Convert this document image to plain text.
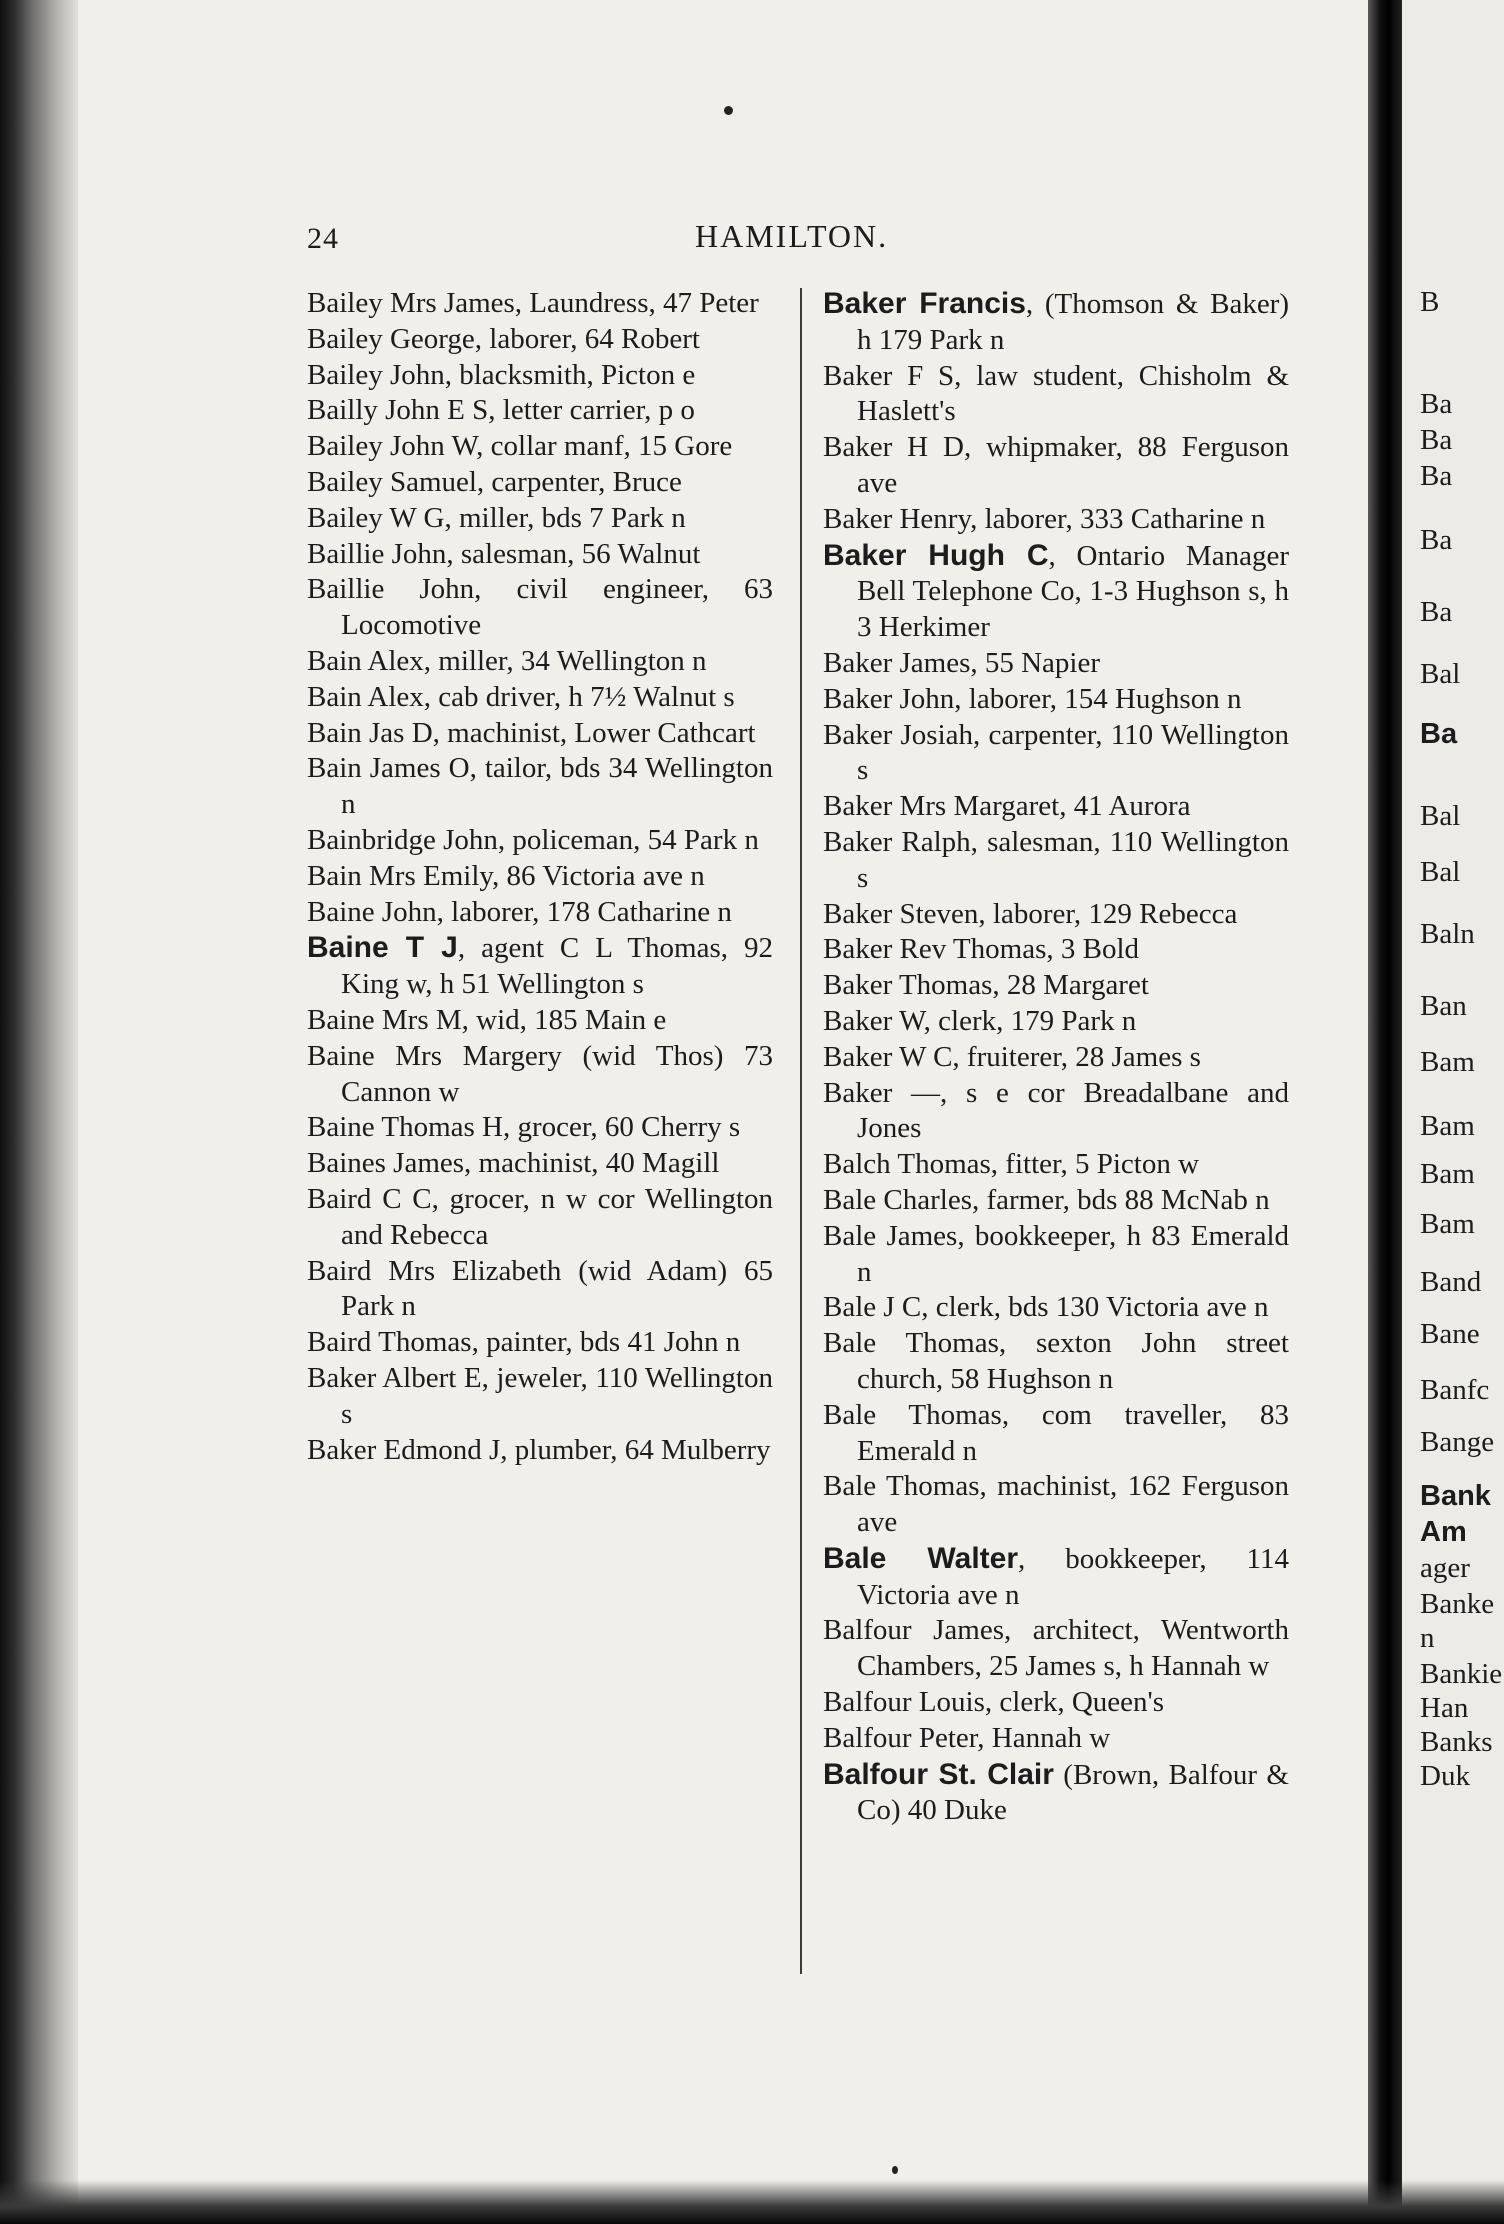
B
Ba
Ba
Ba
Ba
Ba
Bal
Ba
Bal
Bal
Baln
Ban
Bam
Bam
Bam
Bam
Band
Bane
Banfc
Bange
Bank
Am
ager
Banke
n
Bankie
Han
Banks
Duk
24	HAMILTON.
Bailey Mrs James, Laundress, 47 Peter
Bailey George, laborer, 64 Robert
Bailey John, blacksmith, Picton e
Bailly John E S, letter carrier, p o
Bailey John W, collar manf, 15 Gore
Bailey Samuel, carpenter, Bruce
Bailey W G, miller, bds 7 Park n
Baillie John, salesman, 56 Walnut
Baillie John, civil engineer, 63 Locomotive
Bain Alex, miller, 34 Wellington n
Bain Alex, cab driver, h 7½ Walnut s
Bain Jas D, machinist, Lower Cathcart
Bain James O, tailor, bds 34 Wellington n
Bainbridge John, policeman, 54 Park n
Bain Mrs Emily, 86 Victoria ave n
Baine John, laborer, 178 Catharine n
Baine T J, agent C L Thomas, 92 King w, h 51 Wellington s
Baine Mrs M, wid, 185 Main e
Baine Mrs Margery (wid Thos) 73 Cannon w
Baine Thomas H, grocer, 60 Cherry s
Baines James, machinist, 40 Magill
Baird C C, grocer, n w cor Wellington and Rebecca
Baird Mrs Elizabeth (wid Adam) 65 Park n
Baird Thomas, painter, bds 41 John n
Baker Albert E, jeweler, 110 Wellington s
Baker Edmond J, plumber, 64 Mulberry
Baker Francis, (Thomson & Baker) h 179 Park n
Baker F S, law student, Chisholm & Haslett's
Baker H D, whipmaker, 88 Ferguson ave
Baker Henry, laborer, 333 Catharine n
Baker Hugh C, Ontario Manager Bell Telephone Co, 1-3 Hughson s, h 3 Herkimer
Baker James, 55 Napier
Baker John, laborer, 154 Hughson n
Baker Josiah, carpenter, 110 Wellington s
Baker Mrs Margaret, 41 Aurora
Baker Ralph, salesman, 110 Wellington s
Baker Steven, laborer, 129 Rebecca
Baker Rev Thomas, 3 Bold
Baker Thomas, 28 Margaret
Baker W, clerk, 179 Park n
Baker W C, fruiterer, 28 James s
Baker —, s e cor Breadalbane and Jones
Balch Thomas, fitter, 5 Picton w
Bale Charles, farmer, bds 88 McNab n
Bale James, bookkeeper, h 83 Emerald n
Bale J C, clerk, bds 130 Victoria ave n
Bale Thomas, sexton John street church, 58 Hughson n
Bale Thomas, com traveller, 83 Emerald n
Bale Thomas, machinist, 162 Ferguson ave
Bale Walter, bookkeeper, 114 Victoria ave n
Balfour James, architect, Wentworth Chambers, 25 James s, h Hannah w
Balfour Louis, clerk, Queen's
Balfour Peter, Hannah w
Balfour St. Clair (Brown, Balfour & Co) 40 Duke
